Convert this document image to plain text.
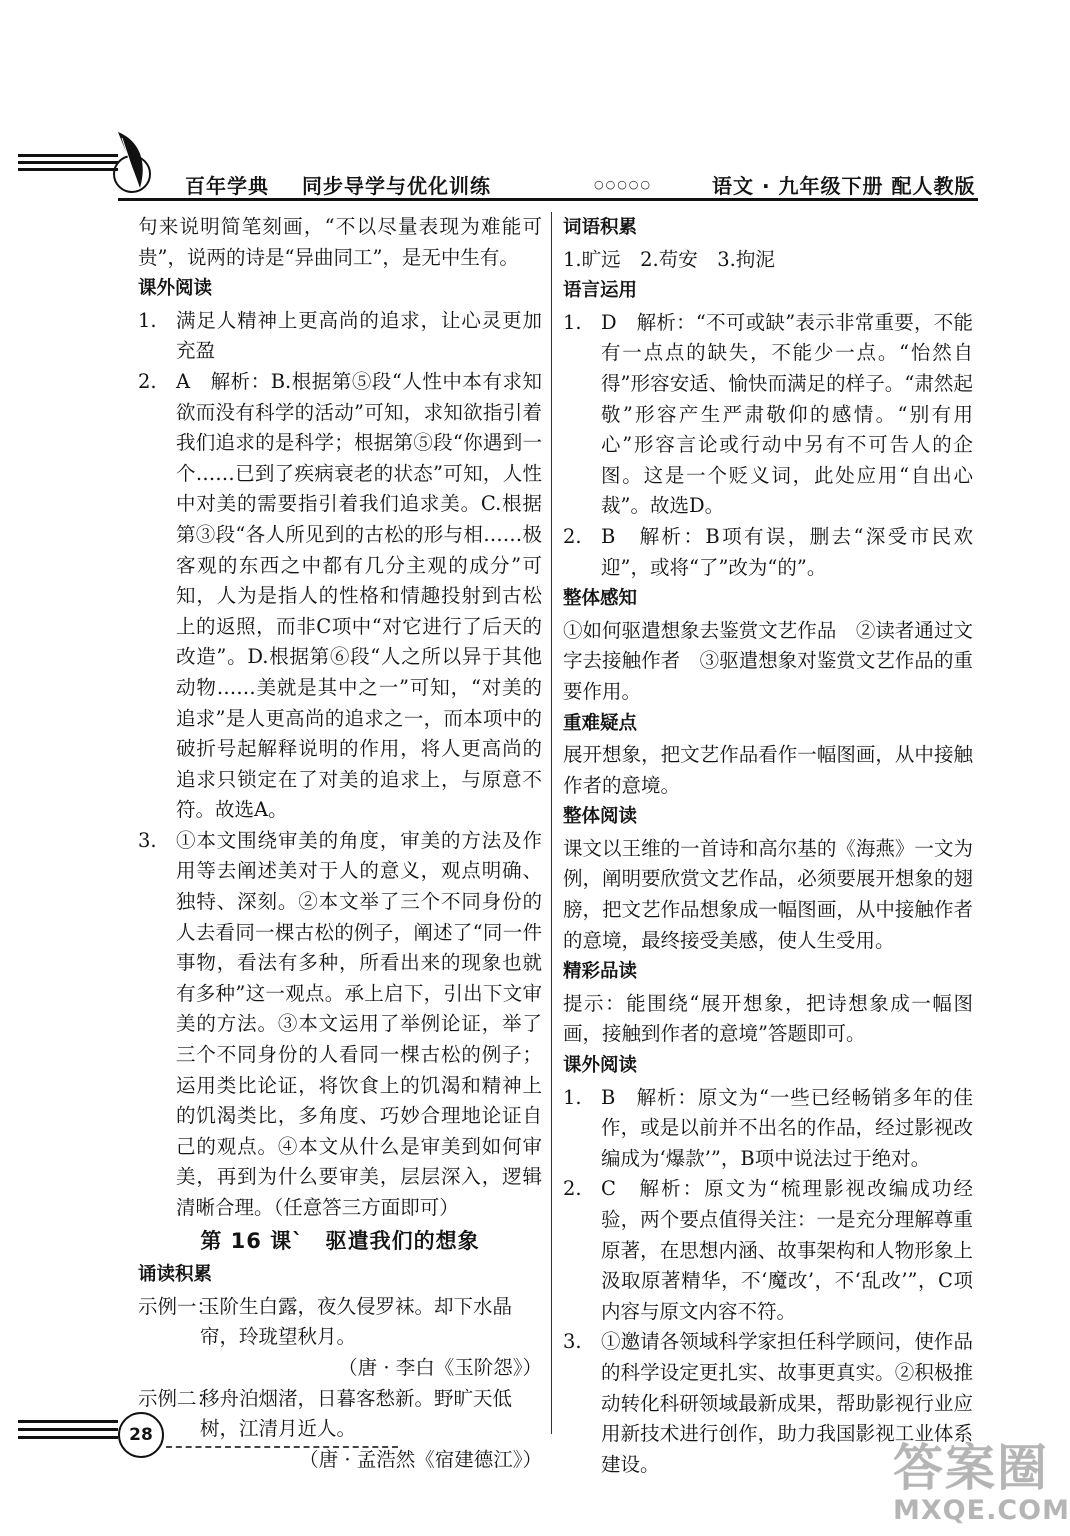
百年学典 同步导学与优化训练	○○○○○	语文 · 九年级下册 配人教版

句来说明简笔刻画，“不以尽量表现为难能可贵”，说两的诗是“异曲同工”，是无中生有。

课外阅读
1. 满足人精神上更高尚的追求，让心灵更加充盈
2. A　解析：B.根据第⑤段“人性中本有求知欲而没有科学的活动”可知，求知欲指引着我们追求的是科学；根据第⑤段“你遇到一个……已到了疾病衰老的状态”可知，人性中对美的需要指引着我们追求美。C.根据第③段“各人所见到的古松的形与相……极客观的东西之中都有几分主观的成分”可知，人为是指人的性格和情趣投射到古松上的返照，而非C项中“对它进行了后天的改造”。D.根据第⑥段“人之所以异于其他动物……美就是其中之一”可知，“对美的追求”是人更高尚的追求之一，而本项中的破折号起解释说明的作用，将人更高尚的追求只锁定在了对美的追求上，与原意不符。故选A。
3. ①本文围绕审美的角度，审美的方法及作用等去阐述美对于人的意义，观点明确、独特、深刻。②本文举了三个不同身份的人去看同一棵古松的例子，阐述了“同一件事物，看法有多种，所看出来的现象也就有多种”这一观点。承上启下，引出下文审美的方法。③本文运用了举例论证，举了三个不同身份的人看同一棵古松的例子；运用类比论证，将饮食上的饥渴和精神上的饥渴类比，多角度、巧妙合理地论证自己的观点。④本文从什么是审美到如何审美，再到为什么要审美，层层深入，逻辑清晰合理。（任意答三方面即可）
第 16 课`　驱遣我们的想象
诵读积累
示例一：
玉阶生白露，夜久侵罗袜。却下水晶帘，玲珑望秋月。
（唐 · 李白《玉阶怨》）
示例二：
移舟泊烟渚，日暮客愁新。野旷天低树，江清月近人。
（唐 · 孟浩然《宿建德江》）
词语积累

1.旷远　2.苟安　3.拘泥

语言运用
1. D　解析：“不可或缺”表示非常重要，不能有一点点的缺失，不能少一点。“怡然自得”形容安适、愉快而满足的样子。“肃然起敬”形容产生严肃敬仰的感情。“别有用心”形容言论或行动中另有不可告人的企图。这是一个贬义词，此处应用“自出心裁”。故选D。
2. B　解析：B项有误，删去“深受市民欢迎”，或将“了”改为“的”。
整体感知

①如何驱遣想象去鉴赏文艺作品　②读者通过文字去接触作者　③驱遣想象对鉴赏文艺作品的重要作用。

重难疑点

展开想象，把文艺作品看作一幅图画，从中接触作者的意境。

整体阅读

课文以王维的一首诗和高尔基的《海燕》一文为例，阐明要欣赏文艺作品，必须要展开想象的翅膀，把文艺作品想象成一幅图画，从中接触作者的意境，最终接受美感，使人生受用。

精彩品读

提示：能围绕“展开想象，把诗想象成一幅图画，接触到作者的意境”答题即可。

课外阅读
1. B　解析：原文为“一些已经畅销多年的佳作，或是以前并不出名的作品，经过影视改编成为‘爆款’”，B项中说法过于绝对。
2. C　解析：原文为“梳理影视改编成功经验，两个要点值得关注：一是充分理解尊重原著，在思想内涵、故事架构和人物形象上汲取原著精华，不‘魔改’，不‘乱改’”，C项内容与原文内容不符。
3. ①邀请各领域科学家担任科学顾问，使作品的科学设定更扎实、故事更真实。②积极推动转化科研领域最新成果，帮助影视行业应用新技术进行创作，助力我国影视工业体系建设。
28
答案圈
MXQE.COM
